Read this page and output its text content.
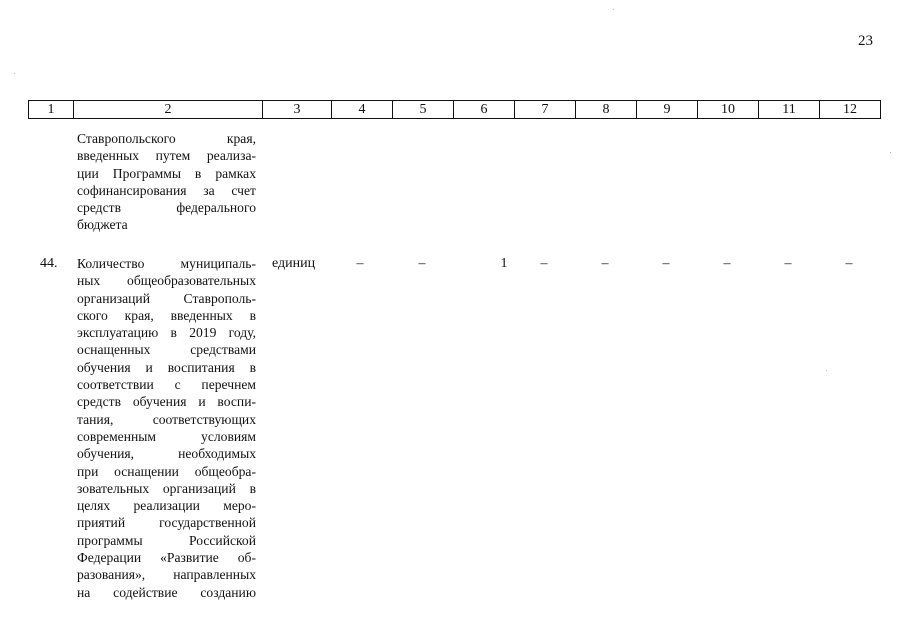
23
1	2	3	4	5	6	7	8	9	10	11	12
Ставропольского края,
введенных путем реализа-
ции Программы в рамках
софинансирования за счет
средств федерального
бюджета
44. Количество муниципаль-
ных общеобразовательных
организаций Ставрополь-
ского края, введенных в
эксплуатацию в 2019 году,
оснащенных средствами
обучения и воспитания в
соответствии с перечнем
средств обучения и воспи-
тания, соответствующих
современным условиям
обучения, необходимых
при оснащении общеобра-
зовательных организаций в
целях реализации меро-
приятий государственной
программы Российской
Федерации «Развитие об-
разования», направленных
на содействие созданию
единиц	–	–	1	–	–	–	–	–	–
